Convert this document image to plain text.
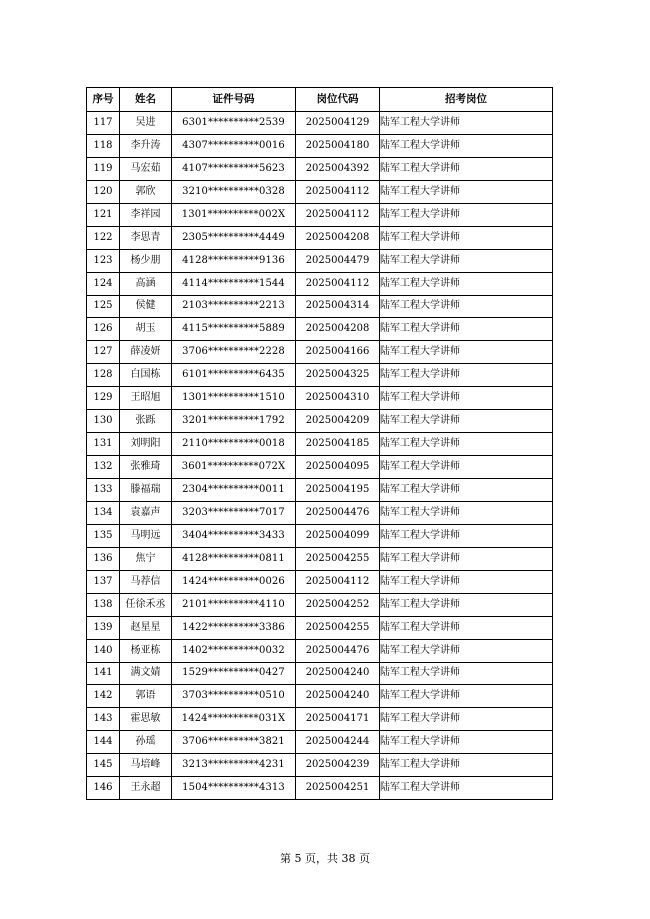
序号	姓名	证件号码	岗位代码	招考岗位
117	吴进	6301**********2539	2025004129	陆军工程大学讲师
118	李升涛	4307**********0016	2025004180	陆军工程大学讲师
119	马宏茹	4107**********5623	2025004392	陆军工程大学讲师
120	郭欣	3210**********0328	2025004112	陆军工程大学讲师
121	李祥园	1301**********002X	2025004112	陆军工程大学讲师
122	李思青	2305**********4449	2025004208	陆军工程大学讲师
123	杨少朋	4128**********9136	2025004479	陆军工程大学讲师
124	高涵	4114**********1544	2025004112	陆军工程大学讲师
125	侯健	2103**********2213	2025004314	陆军工程大学讲师
126	胡玉	4115**********5889	2025004208	陆军工程大学讲师
127	薛凌妍	3706**********2228	2025004166	陆军工程大学讲师
128	白国栋	6101**********6435	2025004325	陆军工程大学讲师
129	王昭旭	1301**********1510	2025004310	陆军工程大学讲师
130	张跞	3201**********1792	2025004209	陆军工程大学讲师
131	刘明阳	2110**********0018	2025004185	陆军工程大学讲师
132	张雅琦	3601**********072X	2025004095	陆军工程大学讲师
133	滕福瑞	2304**********0011	2025004195	陆军工程大学讲师
134	袁嘉声	3203**********7017	2025004476	陆军工程大学讲师
135	马明远	3404**********3433	2025004099	陆军工程大学讲师
136	焦宁	4128**********0811	2025004255	陆军工程大学讲师
137	马荐信	1424**********0026	2025004112	陆军工程大学讲师
138	任徐禾丞	2101**********4110	2025004252	陆军工程大学讲师
139	赵星星	1422**********3386	2025004255	陆军工程大学讲师
140	杨亚栋	1402**********0032	2025004476	陆军工程大学讲师
141	满文婧	1529**********0427	2025004240	陆军工程大学讲师
142	郭语	3703**********0510	2025004240	陆军工程大学讲师
143	霍思敏	1424**********031X	2025004171	陆军工程大学讲师
144	孙瑶	3706**********3821	2025004244	陆军工程大学讲师
145	马培峰	3213**********4231	2025004239	陆军工程大学讲师
146	王永超	1504**********4313	2025004251	陆军工程大学讲师
第 5 页，共 38 页
